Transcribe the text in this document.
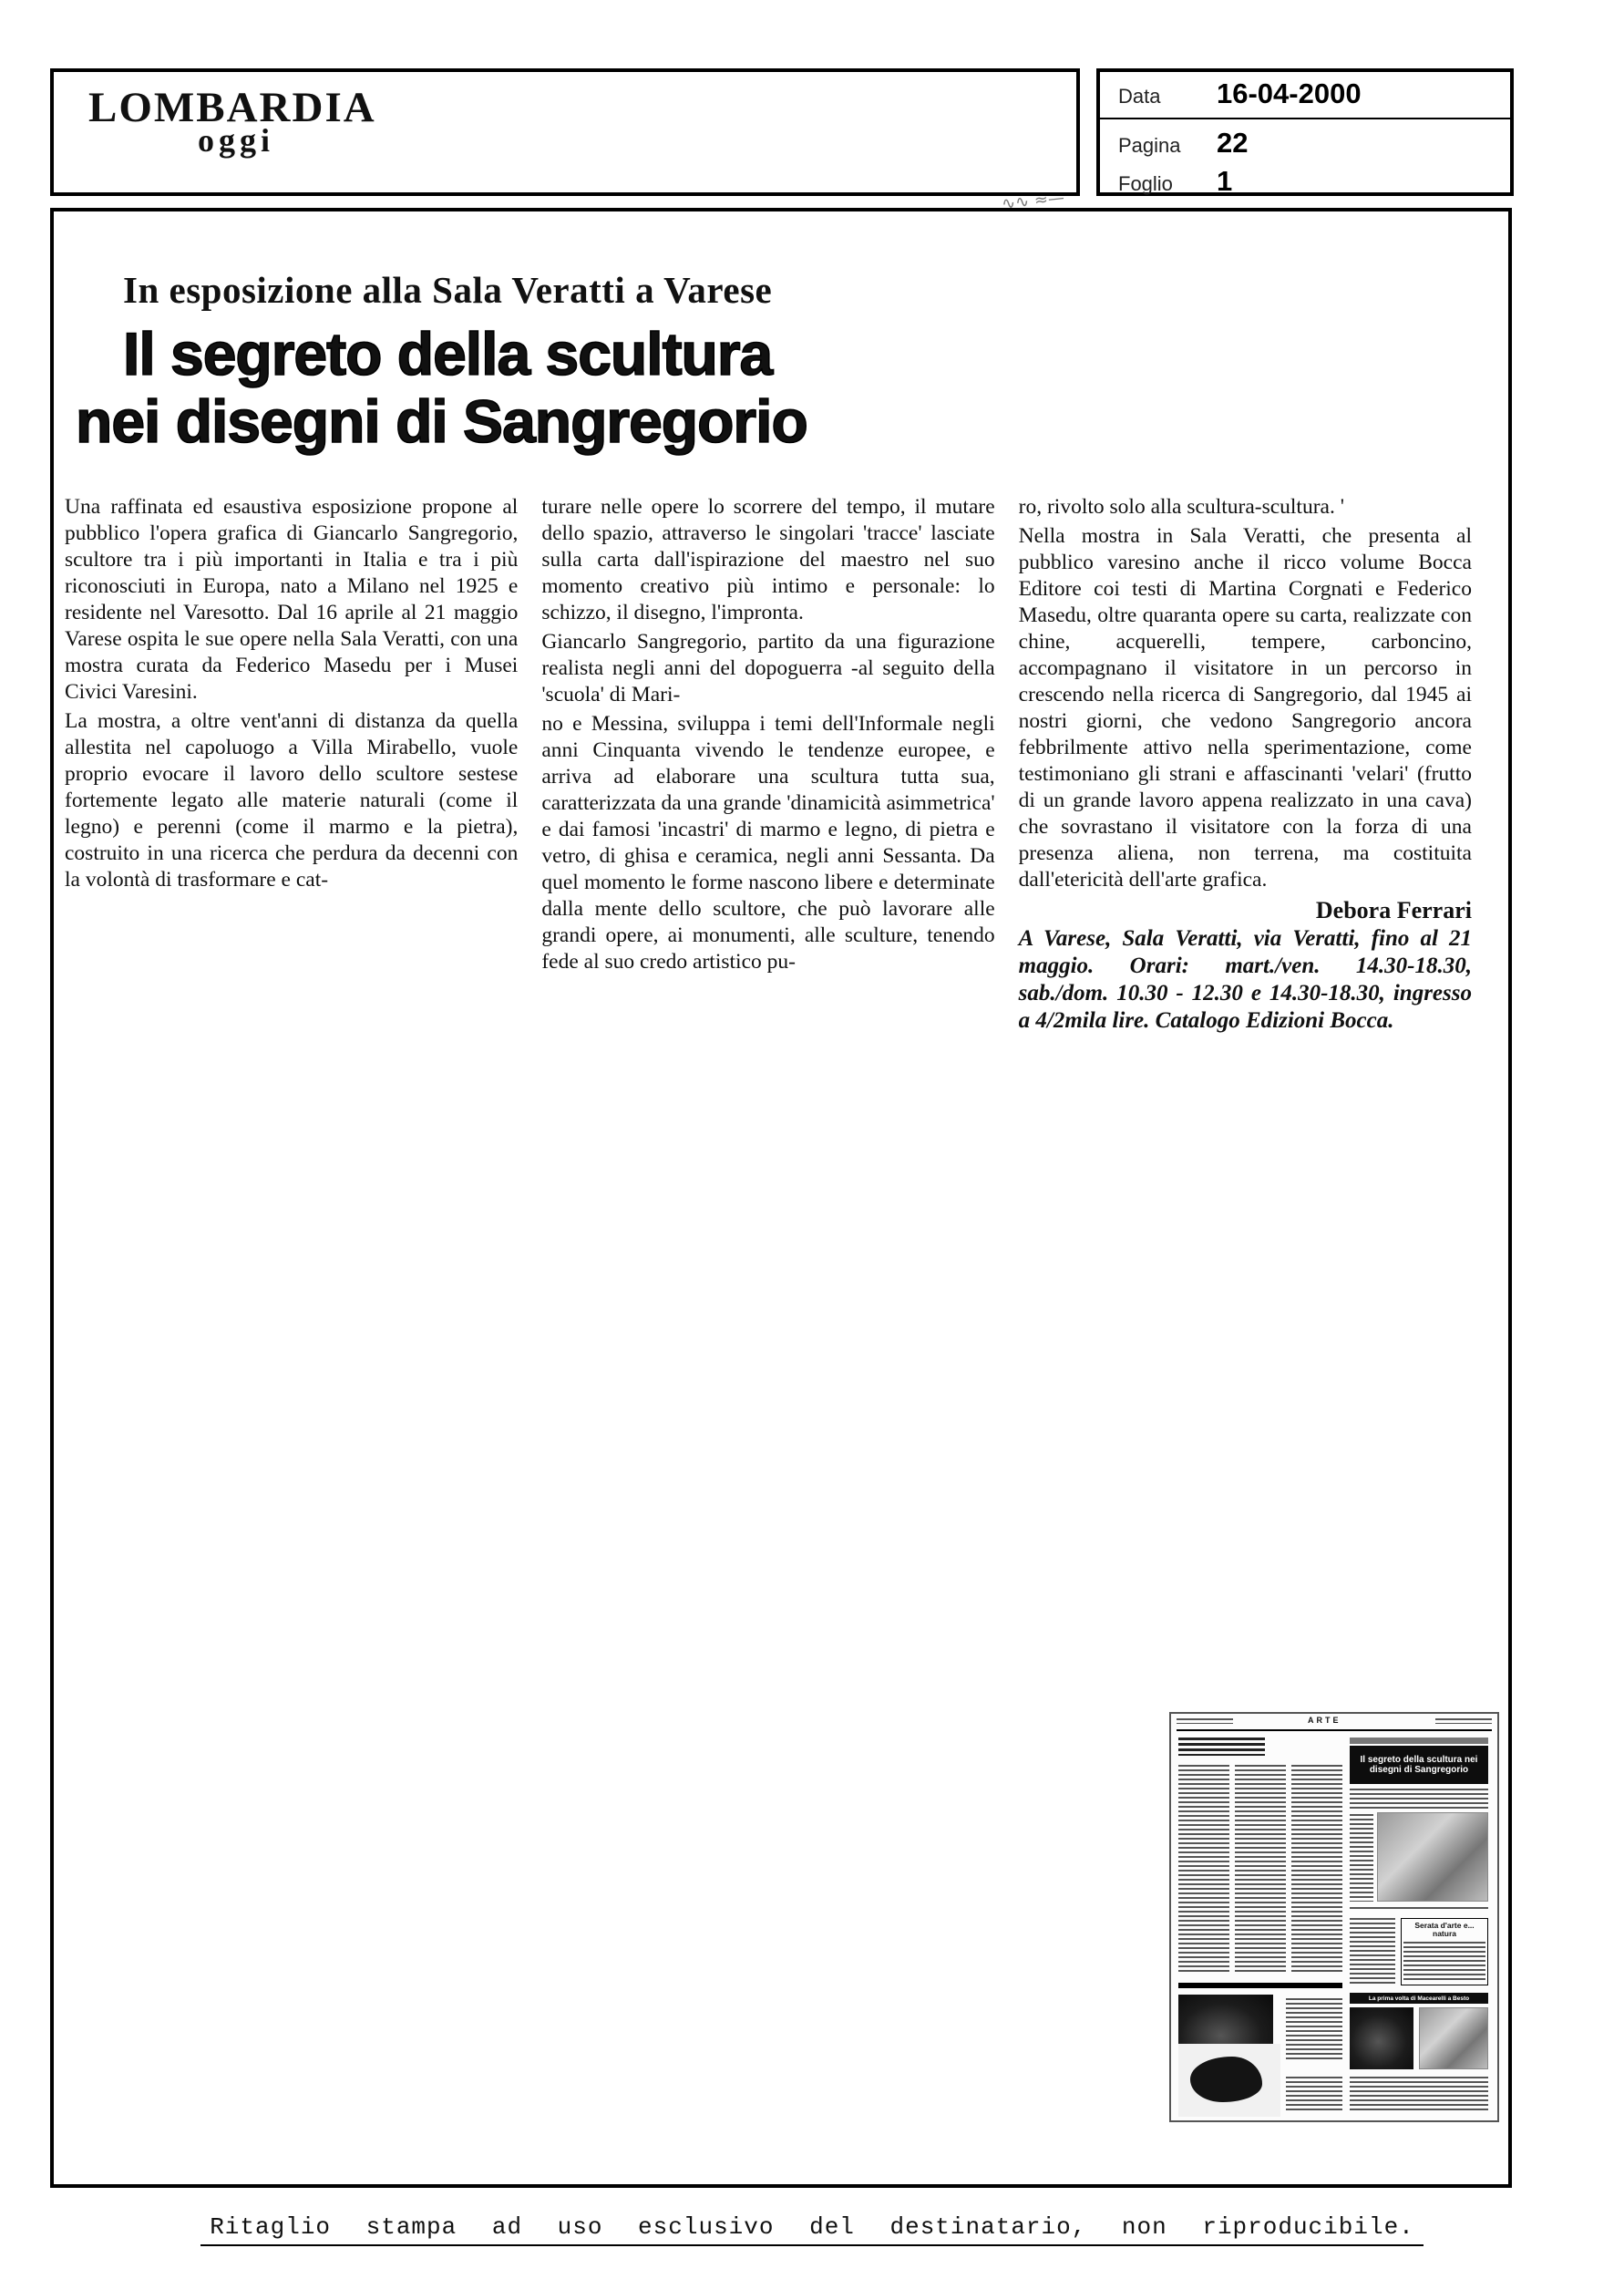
LOMBARDIA
oggi
Data	16-04-2000
Pagina	22
Foglio	1
∿∿ ≈—
In esposizione alla Sala Veratti a Varese
Il segreto della scultura
nei disegni di Sangregorio

Una raffinata ed esaustiva esposizione propone al pubblico l'opera grafica di Giancarlo Sangregorio, scultore tra i più importanti in Italia e tra i più riconosciuti in Europa, nato a Milano nel 1925 e residente nel Varesotto. Dal 16 aprile al 21 maggio Varese ospita le sue opere nella Sala Veratti, con una mostra curata da Federico Masedu per i Musei Civici Varesini.

La mostra, a oltre vent'anni di distanza da quella allestita nel capoluogo a Villa Mirabello, vuole proprio evocare il lavoro dello scultore sestese fortemente legato alle materie naturali (come il legno) e perenni (come il marmo e la pietra), costruito in una ricerca che perdura da decenni con la volontà di trasformare e cat-

turare nelle opere lo scorrere del tempo, il mutare dello spazio, attraverso le singolari 'tracce' lasciate sulla carta dall'ispirazione del maestro nel suo momento creativo più intimo e personale: lo schizzo, il disegno, l'impronta.

Giancarlo Sangregorio, partito da una figurazione realista negli anni del dopoguerra -al seguito della 'scuola' di Mari-

no e Messina, sviluppa i temi dell'Informale negli anni Cinquanta vivendo le tendenze europee, e arriva ad elaborare una scultura tutta sua, caratterizzata da una grande 'dinamicità asimmetrica' e dai famosi 'incastri' di marmo e legno, di pietra e vetro, di ghisa e ceramica, negli anni Sessanta. Da quel momento le forme nascono libere e determinate dalla mente dello scultore, che può lavorare alle grandi opere, ai monumenti, alle sculture, tenendo fede al suo credo artistico pu-

ro, rivolto solo alla scultura-scultura. '

Nella mostra in Sala Veratti, che presenta al pubblico varesino anche il ricco volume Bocca Editore coi testi di Martina Corgnati e Federico Masedu, oltre quaranta opere su carta, realizzate con chine, acquerelli, tempere, carboncino, accompagnano il visitatore in un percorso in crescendo nella ricerca di Sangregorio, dal 1945 ai nostri giorni, che vedono Sangregorio ancora febbrilmente attivo nella sperimentazione, come testimoniano gli strani e affascinanti 'velari' (frutto di un grande lavoro appena realizzato in una cava) che sovrastano il visitatore con la forza di una presenza aliena, non terrena, ma costituita dall'etericità dell'arte grafica.

Debora Ferrari
A Varese, Sala Veratti, via Veratti, fino al 21 maggio. Orari: mart./ven. 14.30-18.30, sab./dom. 10.30 - 12.30 e 14.30-18.30, ingresso a 4/2mila lire. Catalogo Edizioni Bocca.
ARTE
Il segreto della scultura nei disegni di Sangregorio
Serata d'arte e... natura
La prima volta di Macearelli a Besto
Ritaglio stampa ad uso esclusivo del destinatario, non riproducibile.
